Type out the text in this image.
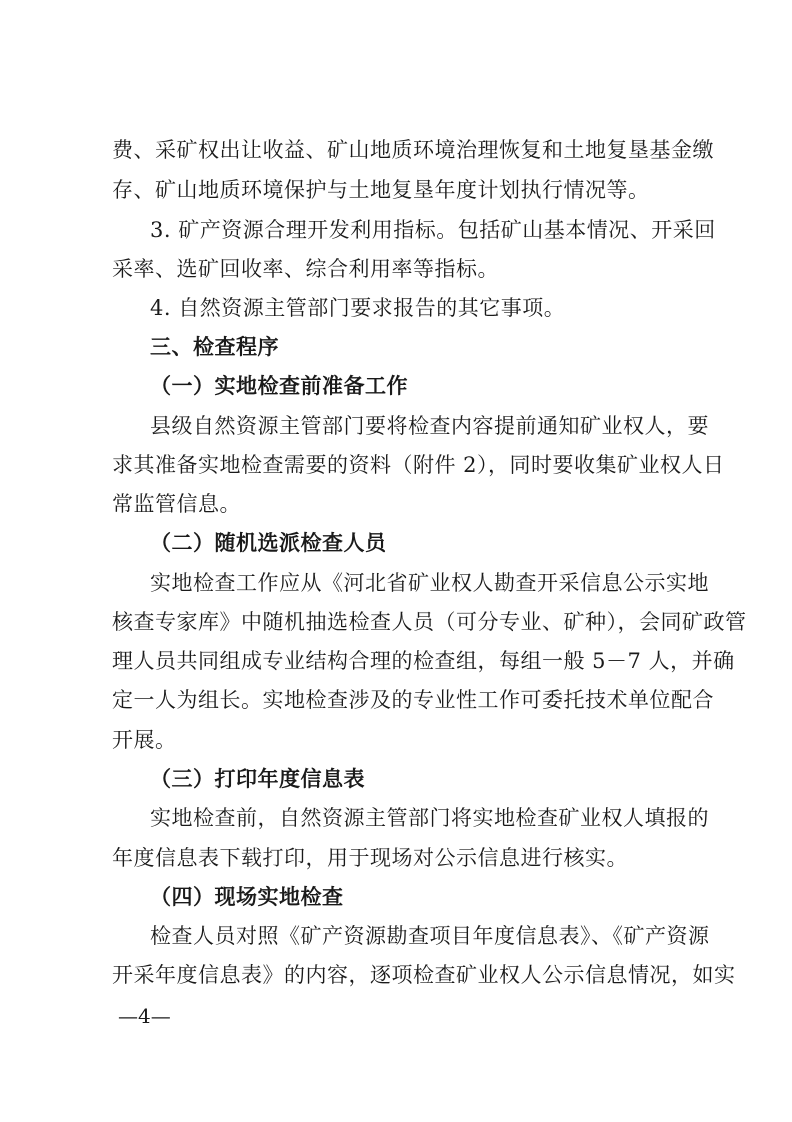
费、采矿权出让收益、矿山地质环境治理恢复和土地复垦基金缴
存、矿山地质环境保护与土地复垦年度计划执行情况等。
3. 矿产资源合理开发利用指标。包括矿山基本情况、开采回
采率、选矿回收率、综合利用率等指标。
4. 自然资源主管部门要求报告的其它事项。
三、检查程序
（一）实地检查前准备工作
县级自然资源主管部门要将检查内容提前通知矿业权人，要
求其准备实地检查需要的资料（附件 2），同时要收集矿业权人日
常监管信息。
（二）随机选派检查人员
实地检查工作应从《河北省矿业权人勘查开采信息公示实地
核查专家库》中随机抽选检查人员（可分专业、矿种），会同矿政管
理人员共同组成专业结构合理的检查组，每组一般 5－7 人，并确
定一人为组长。实地检查涉及的专业性工作可委托技术单位配合
开展。
（三）打印年度信息表
实地检查前，自然资源主管部门将实地检查矿业权人填报的
年度信息表下载打印，用于现场对公示信息进行核实。
（四）现场实地检查
检查人员对照《矿产资源勘查项目年度信息表》、《矿产资源
开采年度信息表》的内容，逐项检查矿业权人公示信息情况，如实
—4—
